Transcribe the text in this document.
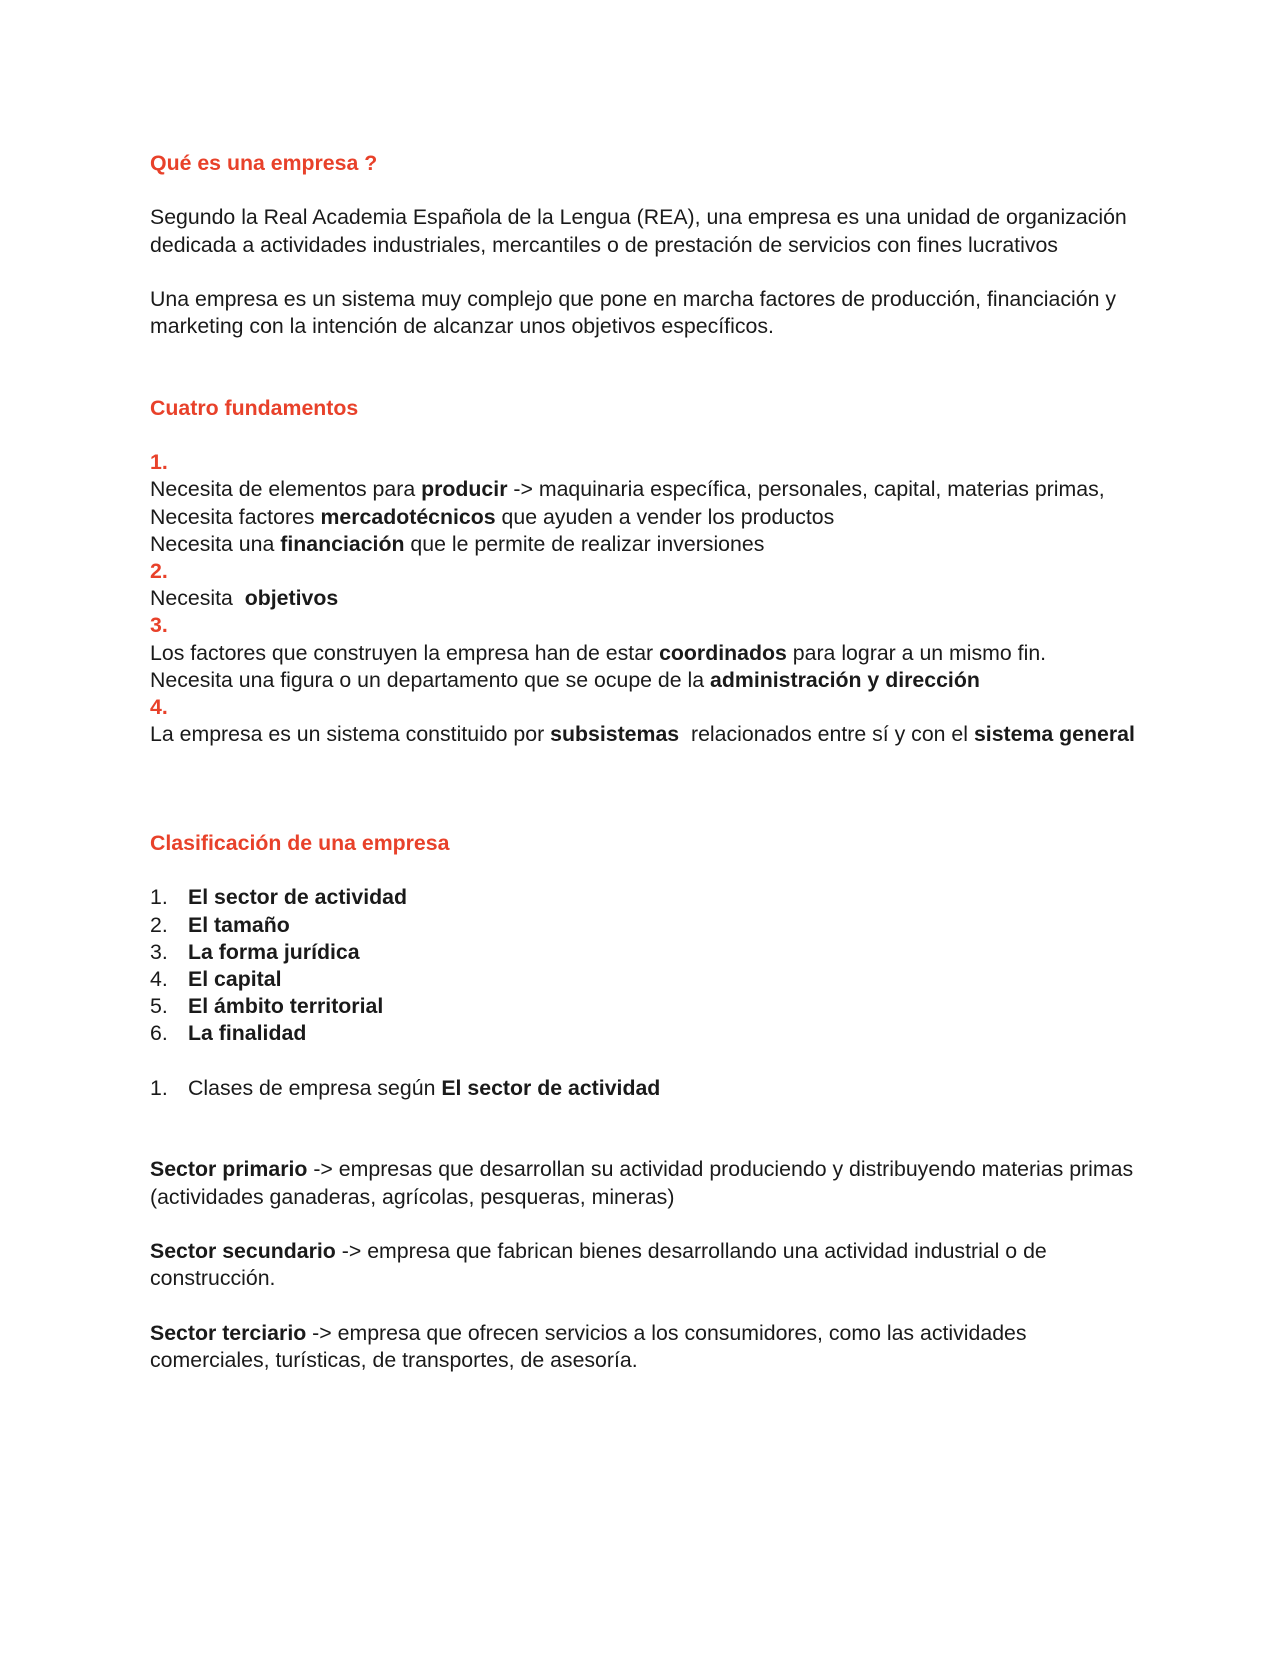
Qué es una empresa ?
Segundo la Real Academia Española de la Lengua (REA), una empresa es una unidad de organización dedicada a actividades industriales, mercantiles o de prestación de servicios con fines lucrativos
Una empresa es un sistema muy complejo que pone en marcha factores de producción, financiación y marketing con la intención de alcanzar unos objetivos específicos.
Cuatro fundamentos
1.
Necesita de elementos para producir -> maquinaria específica, personales, capital, materias primas,
Necesita factores mercadotécnicos que ayuden a vender los productos
Necesita una financiación que le permite de realizar inversiones
2.
Necesita  objetivos
3.
Los factores que construyen la empresa han de estar coordinados para lograr a un mismo fin.
Necesita una figura o un departamento que se ocupe de la administración y dirección
4.
La empresa es un sistema constituido por subsistemas  relacionados entre sí y con el sistema general
Clasificación de una empresa
1. El sector de actividad
2. El tamaño
3. La forma jurídica
4. El capital
5. El ámbito territorial
6. La finalidad
1. Clases de empresa según El sector de actividad
Sector primario -> empresas que desarrollan su actividad produciendo y distribuyendo materias primas (actividades ganaderas, agrícolas, pesqueras, mineras)
Sector secundario -> empresa que fabrican bienes desarrollando una actividad industrial o de construcción.
Sector terciario -> empresa que ofrecen servicios a los consumidores, como las actividades comerciales, turísticas, de transportes, de asesoría.
